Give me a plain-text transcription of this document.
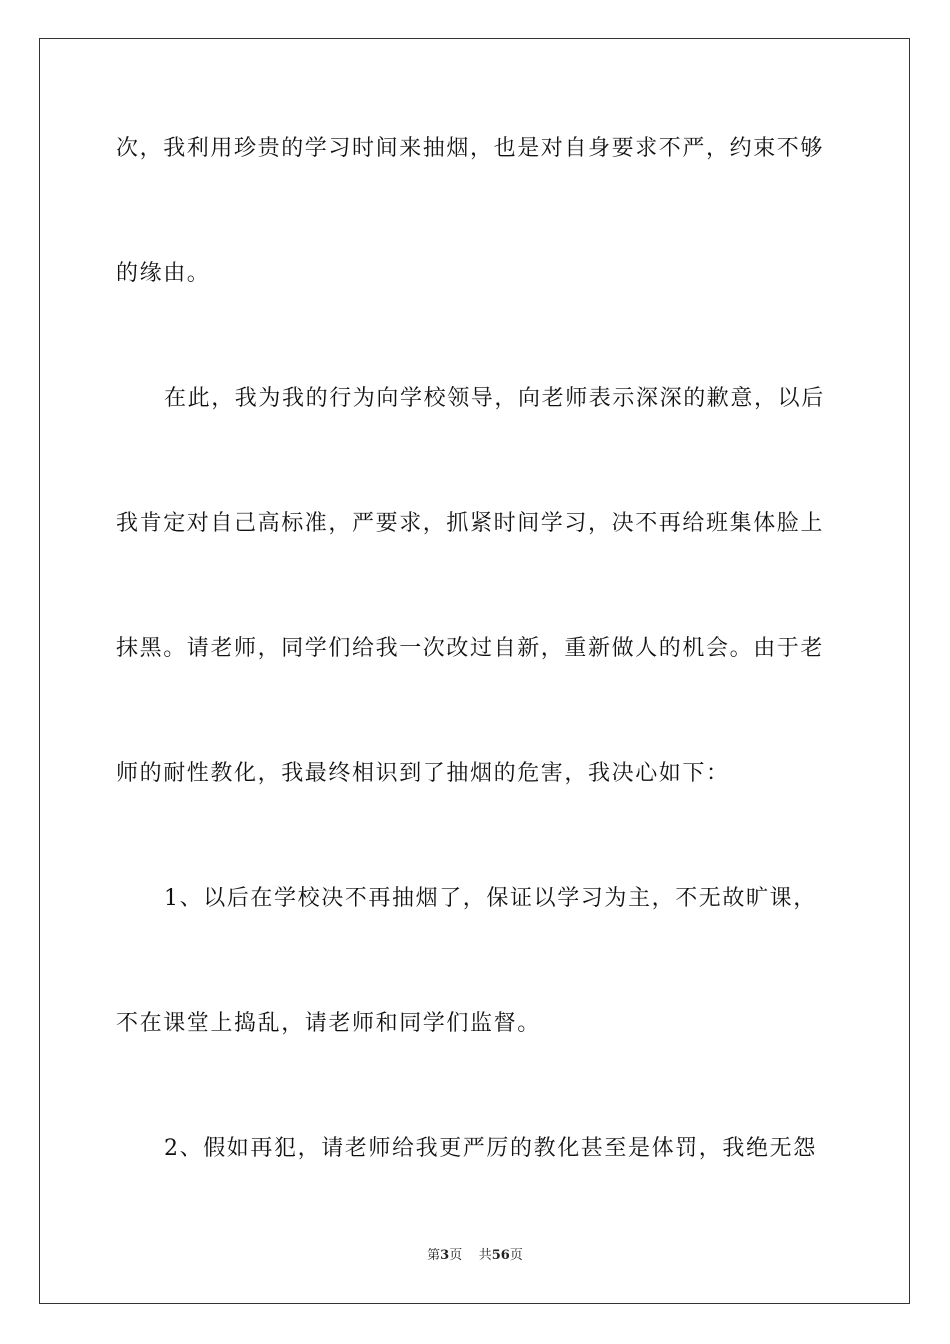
次，我利用珍贵的学习时间来抽烟，也是对自身要求不严，约束不够
的缘由。
在此，我为我的行为向学校领导，向老师表示深深的歉意，以后
我肯定对自己高标准，严要求，抓紧时间学习，决不再给班集体脸上
抹黑。请老师，同学们给我一次改过自新，重新做人的机会。由于老
师的耐性教化，我最终相识到了抽烟的危害，我决心如下：
1、以后在学校决不再抽烟了，保证以学习为主，不无故旷课，
不在课堂上捣乱，请老师和同学们监督。
2、假如再犯，请老师给我更严厉的教化甚至是体罚，我绝无怨
第3页 共56页
